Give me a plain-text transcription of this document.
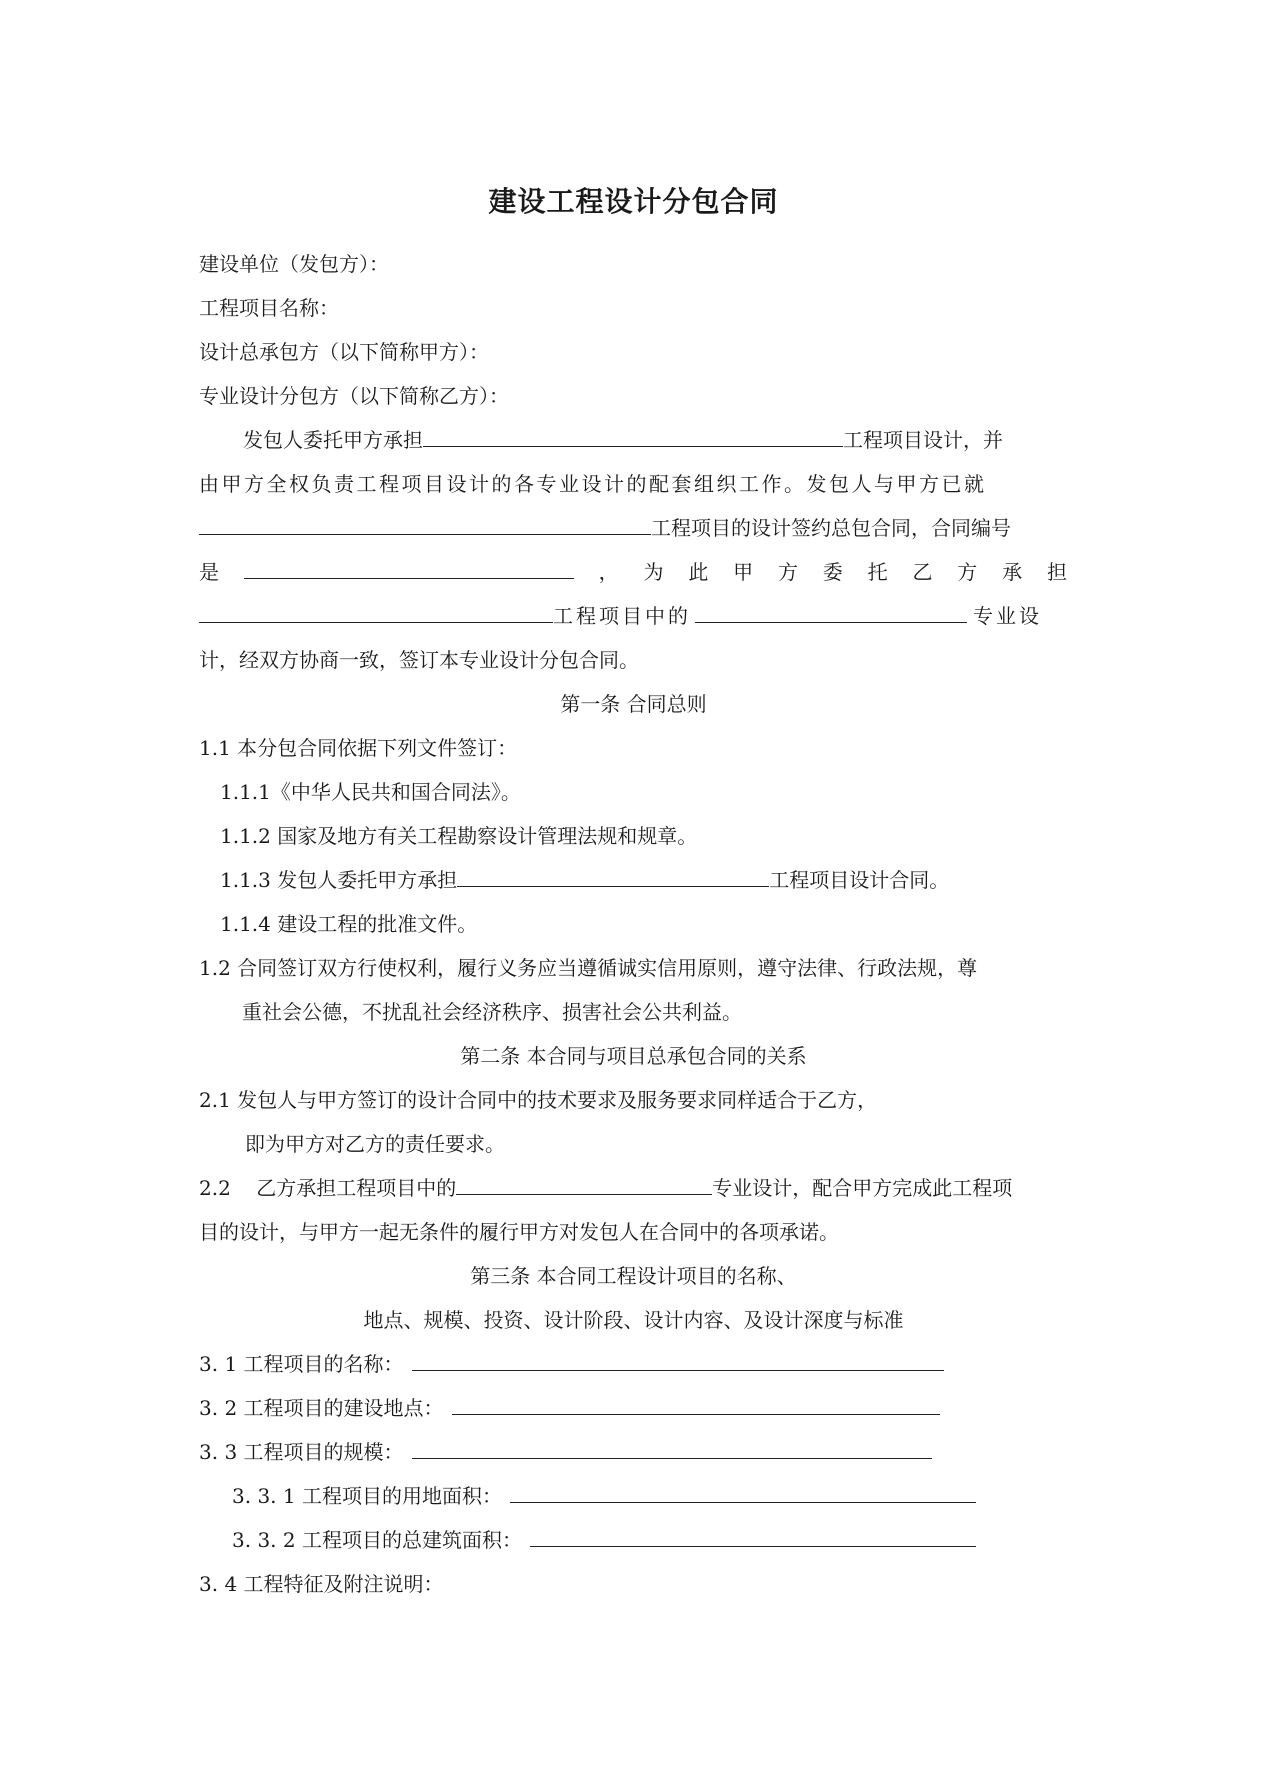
建设工程设计分包合同
建设单位（发包方）：
工程项目名称：
设计总承包方（以下简称甲方）：
专业设计分包方（以下简称乙方）：
发包人委托甲方承担	工程项目设计，并
由甲方全权负责工程项目设计的各专业设计的配套组织工作。发包人与甲方已就
工程项目的设计签约总包合同，合同编号
是	， 为 此 甲 方 委 托 乙 方 承 担
工程项目中的	专业设
计，经双方协商一致，签订本专业设计分包合同。
第一条 合同总则
1.1 本分包合同依据下列文件签订：
1.1.1《中华人民共和国合同法》。
1.1.2 国家及地方有关工程勘察设计管理法规和规章。
1.1.3 发包人委托甲方承担	工程项目设计合同。
1.1.4 建设工程的批准文件。
1.2 合同签订双方行使权利，履行义务应当遵循诚实信用原则，遵守法律、行政法规，尊
重社会公德，不扰乱社会经济秩序、损害社会公共利益。
第二条 本合同与项目总承包合同的关系
2.1 发包人与甲方签订的设计合同中的技术要求及服务要求同样适合于乙方，
即为甲方对乙方的责任要求。
2.2    乙方承担工程项目中的	专业设计，配合甲方完成此工程项
目的设计，与甲方一起无条件的履行甲方对发包人在合同中的各项承诺。
第三条 本合同工程设计项目的名称、
地点、规模、投资、设计阶段、设计内容、及设计深度与标准
3. 1 工程项目的名称：
3. 2 工程项目的建设地点：
3. 3 工程项目的规模：
3. 3. 1 工程项目的用地面积：
3. 3. 2 工程项目的总建筑面积：
3. 4 工程特征及附注说明：
